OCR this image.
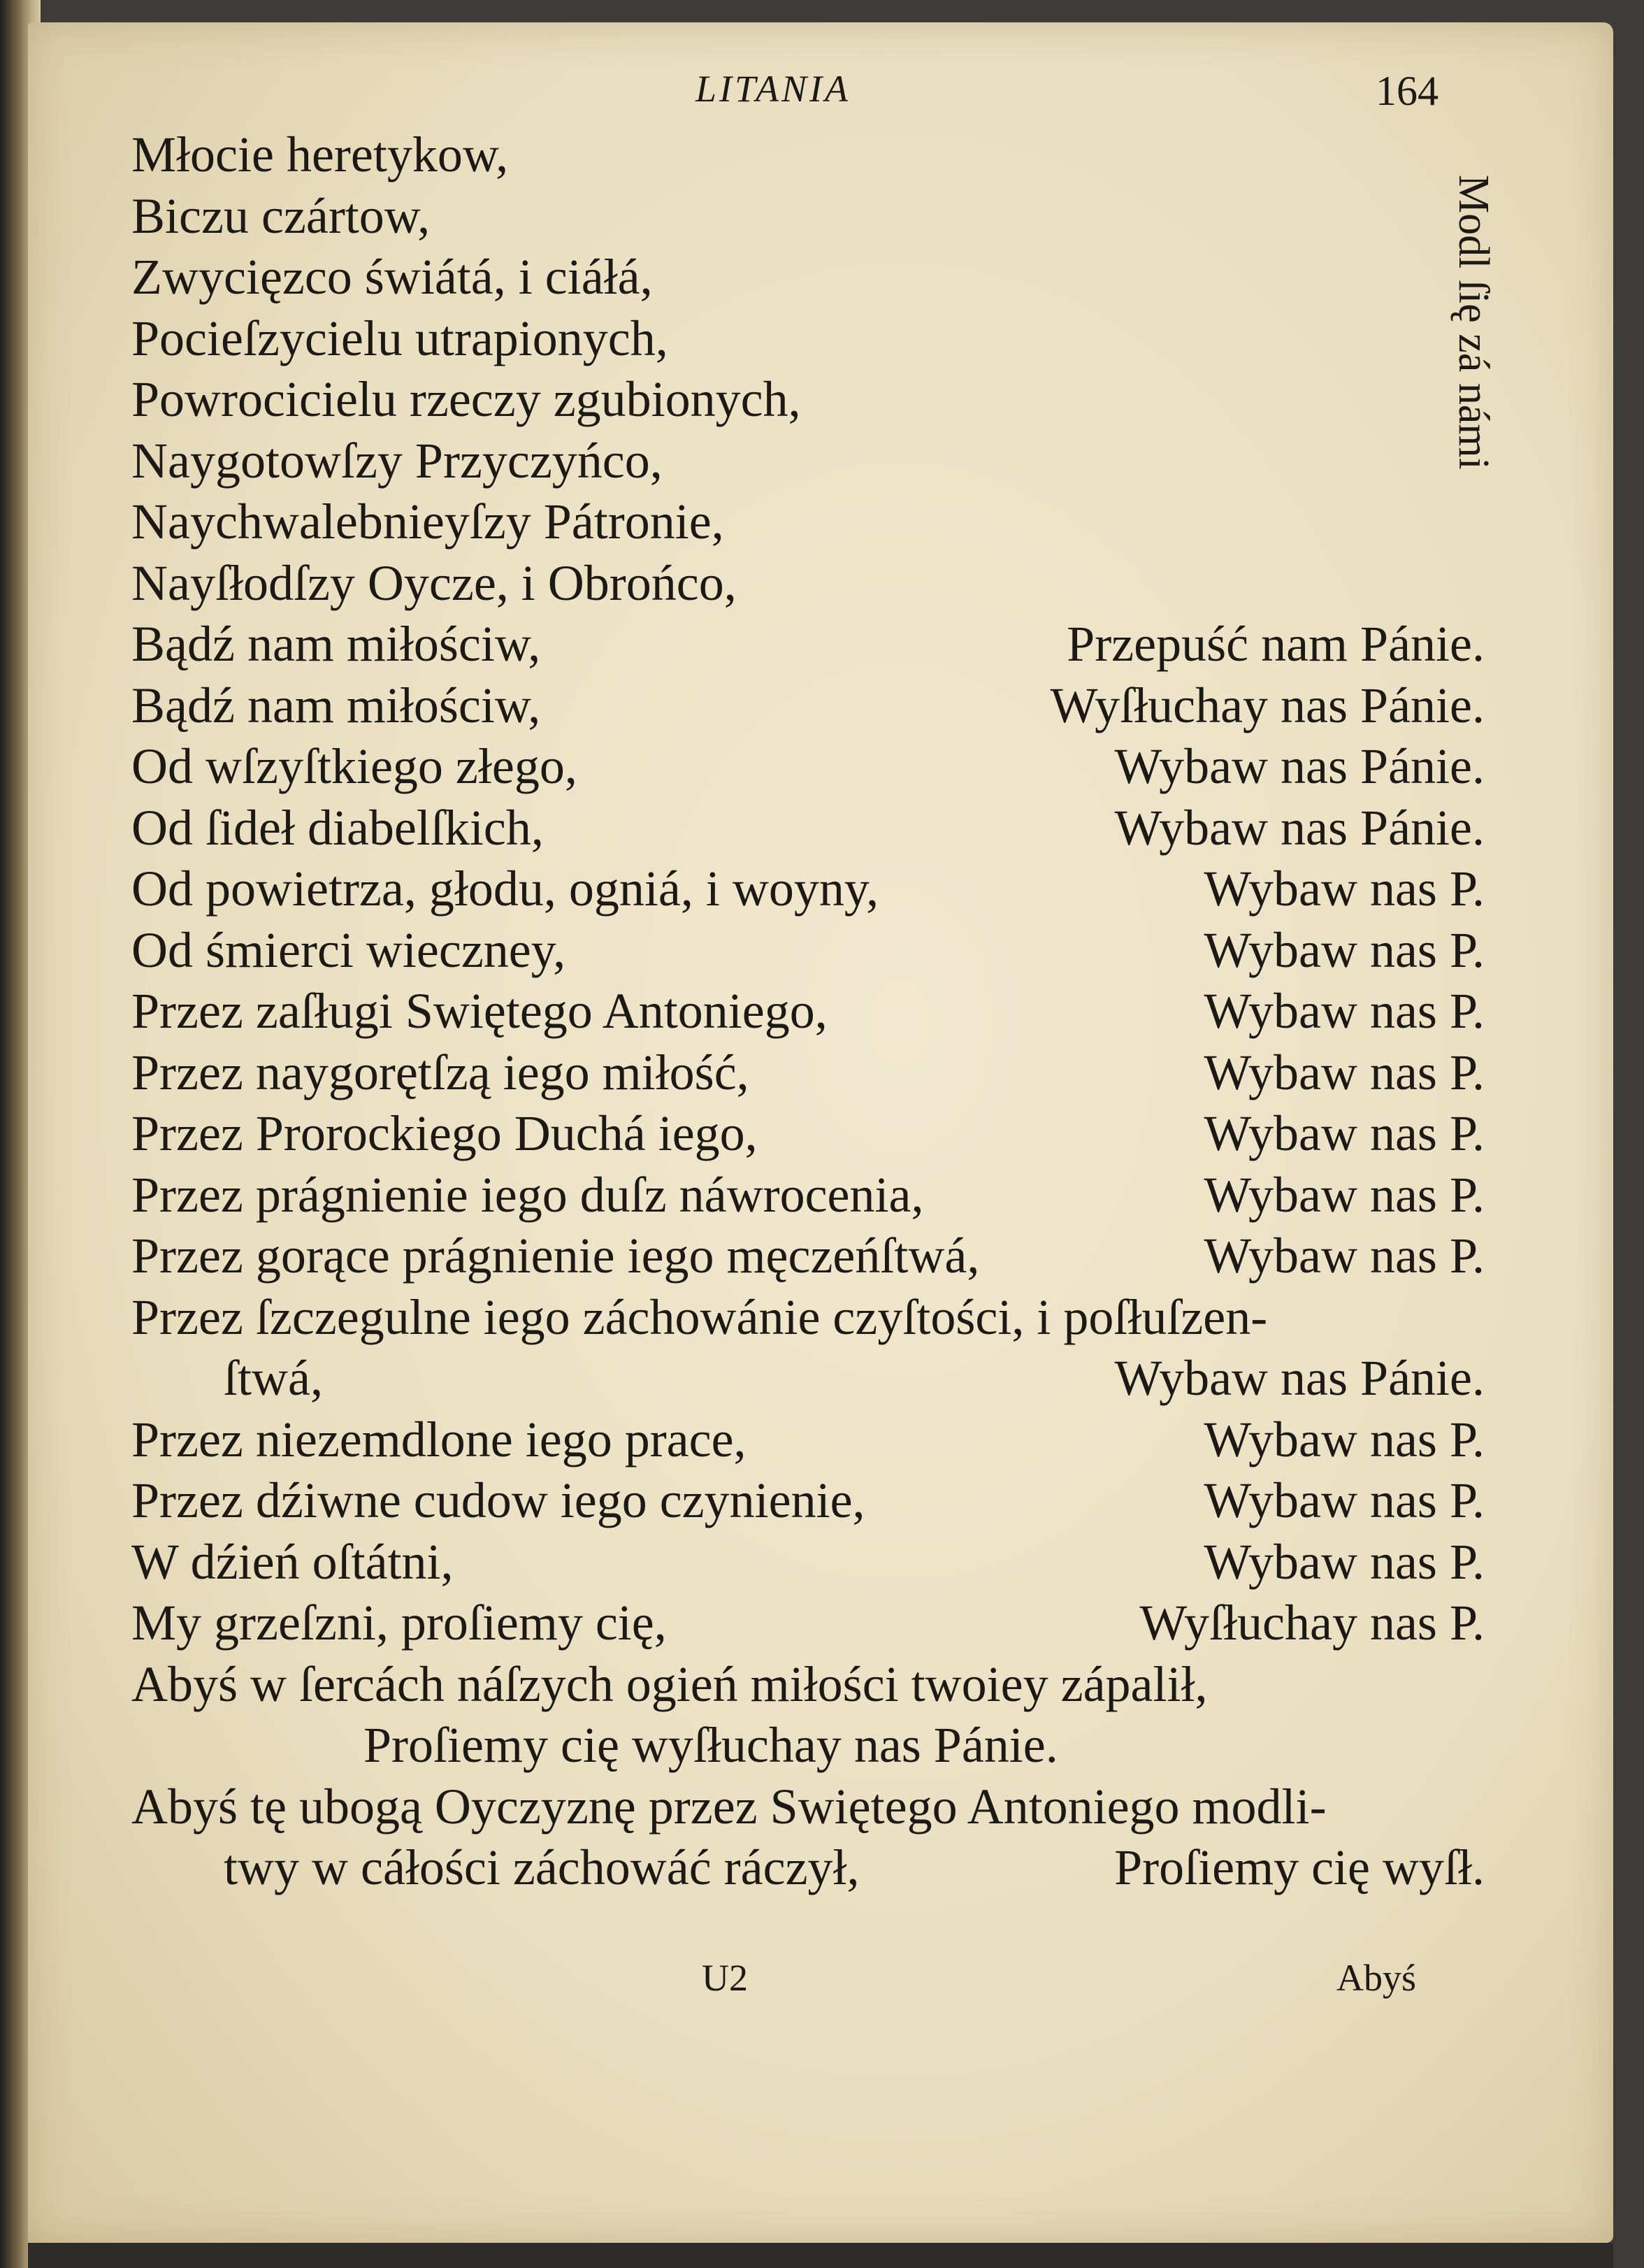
LITANIA	164
Modl ſię zá námi
Młocie heretykow,
Biczu czártow,
Zwycięzco świátá, i ciáłá,
Pocieſzycielu utrapionych,
Powrocicielu rzeczy zgubionych,
Naygotowſzy Przyczyńco,
Naychwalebnieyſzy Pátronie,
Nayſłodſzy Oycze, i Obrońco,
Bądź nam miłościw,	Przepuść nam Pánie.
Bądź nam miłościw,	Wyſłuchay nas Pánie.
Od wſzyſtkiego złego,	Wybaw nas Pánie.
Od ſideł diabelſkich,	Wybaw nas Pánie.
Od powietrza, głodu, ogniá, i woyny,	Wybaw nas P.
Od śmierci wieczney,	Wybaw nas P.
Przez zaſługi Swiętego Antoniego,	Wybaw nas P.
Przez naygorętſzą iego miłość,	Wybaw nas P.
Przez Prorockiego Duchá iego,	Wybaw nas P.
Przez prágnienie iego duſz náwrocenia,	Wybaw nas P.
Przez gorące prágnienie iego męczeńſtwá,	Wybaw nas P.
Przez ſzczegulne iego záchowánie czyſtości, i poſłuſzen-
ſtwá,	Wybaw nas Pánie.
Przez niezemdlone iego prace,	Wybaw nas P.
Przez dźiwne cudow iego czynienie,	Wybaw nas P.
W dźień oſtátni,	Wybaw nas P.
My grzeſzni, proſiemy cię,	Wyſłuchay nas P.
Abyś w ſercách náſzych ogień miłości twoiey zápalił,
Proſiemy cię wyſłuchay nas Pánie.
Abyś tę ubogą Oyczyznę przez Swiętego Antoniego modli-
twy w cáłości záchowáć ráczył,	Proſiemy cię wyſł.
U2	Abyś
